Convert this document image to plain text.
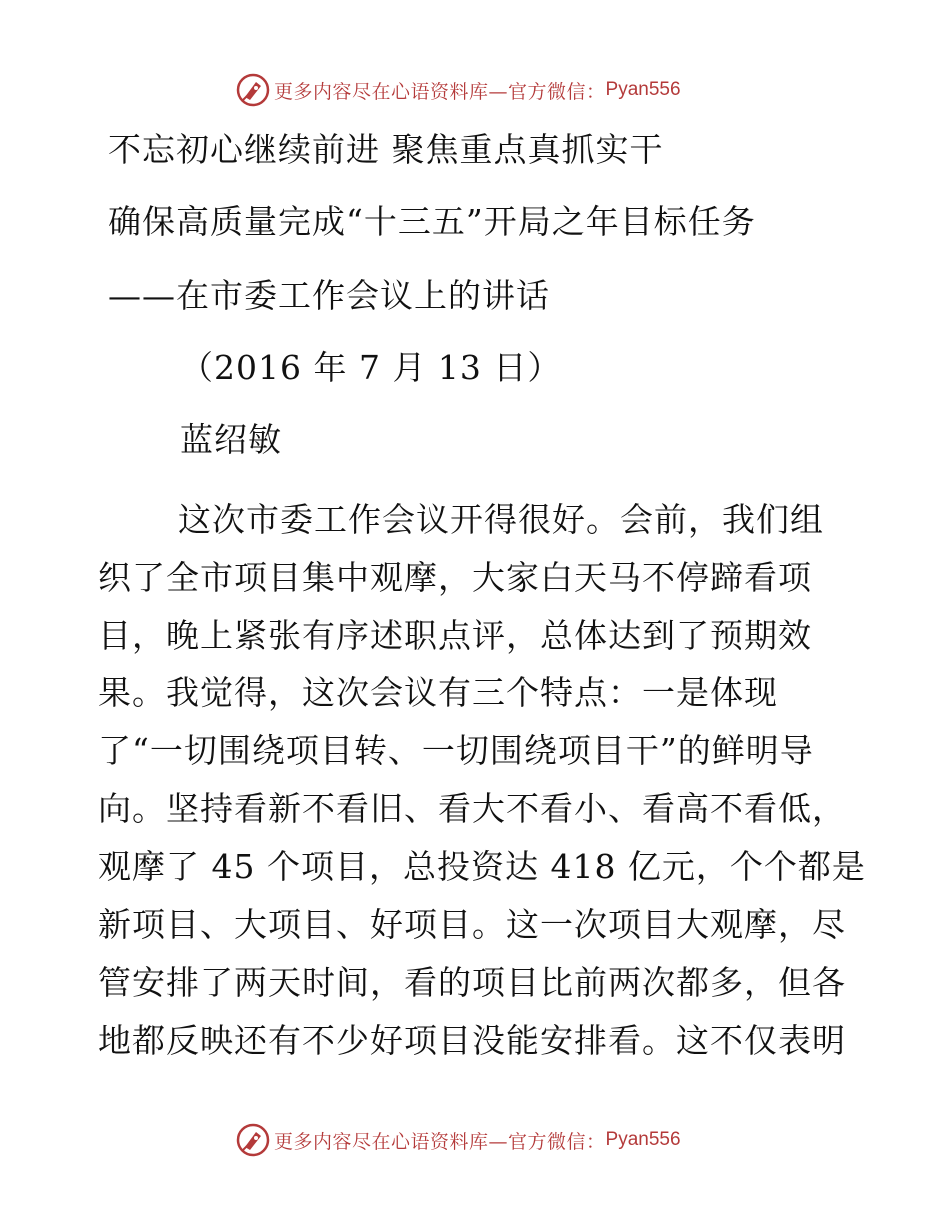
更多内容尽在心语资料库—官方微信： Pyan556
不忘初心继续前进 聚焦重点真抓实干
确保高质量完成“十三五”开局之年目标任务
——在市委工作会议上的讲话
（2016 年 7 月 13 日）
蓝绍敏
这次市委工作会议开得很好。会前，我们组
织了全市项目集中观摩，大家白天马不停蹄看项
目，晚上紧张有序述职点评，总体达到了预期效
果。我觉得，这次会议有三个特点：一是体现
了“一切围绕项目转、一切围绕项目干”的鲜明导
向。坚持看新不看旧、看大不看小、看高不看低，
观摩了 45 个项目，总投资达 418 亿元，个个都是
新项目、大项目、好项目。这一次项目大观摩，尽
管安排了两天时间，看的项目比前两次都多，但各
地都反映还有不少好项目没能安排看。这不仅表明
更多内容尽在心语资料库—官方微信： Pyan556
